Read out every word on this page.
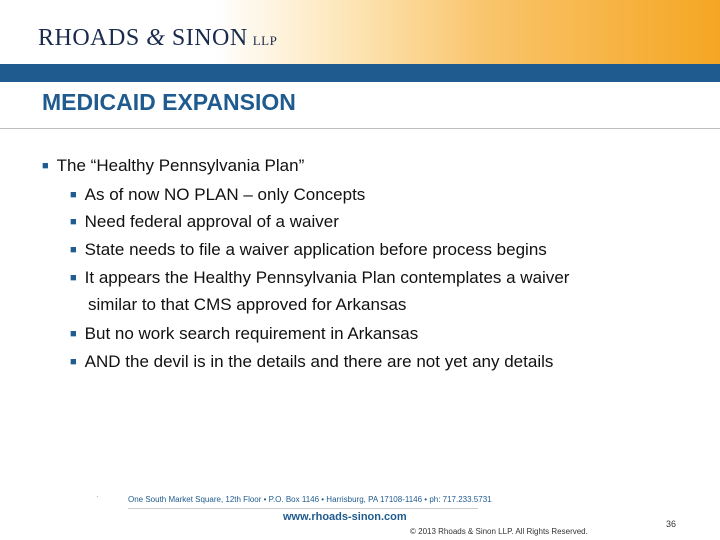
RHOADS & SINON LLP
MEDICAID EXPANSION
■ The “Healthy Pennsylvania Plan”
■ As of now NO PLAN – only Concepts
■ Need federal approval of a waiver
■ State needs to file a waiver application before process begins
■ It appears the Healthy Pennsylvania Plan contemplates a waiver
similar to that CMS approved for Arkansas
■ But no work search requirement in Arkansas
■ AND the devil is in the details and there are not yet any details
·	One South Market Square, 12th Floor • P.O. Box 1146 • Harrisburg, PA 17108-1146 • ph: 717.233.5731
www.rhoads-sinon.com
© 2013 Rhoads & Sinon LLP. All Rights Reserved.
36
